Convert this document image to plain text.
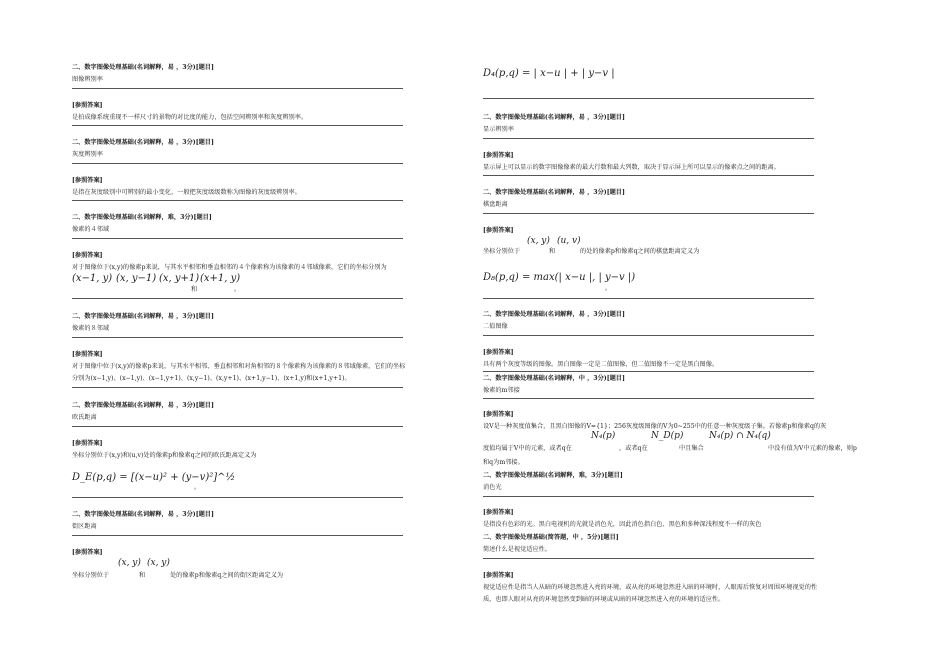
二、数字图像处理基础(名词解释，易 ，3分)[题目]
图像辨别率
[参照答案]
是拍成像系统重现不一样尺寸的景物的对比度的能力，包括空间辨别率和灰度辨别率。
二、数字图像处理基础(名词解释，易 ，3分)[题目]
灰度辨别率
[参照答案]
是指在灰度级别中可辨别的最小变化，一般把灰度级级数称为图像的灰度级辨别率。
二、数字图像处理基础(名词解释，难，3分)[题目]
像素的４邻域
[参照答案]
对于图像位于(x,y)的像素p来说，与其水平相邻和垂直相邻的４个像素称为该像素的４邻域像素，它们的坐标分别为
(x−1, y) (x, y−1) (x, y+1)
和
(x+1, y)
。
二、数字图像处理基础(名词解释，易 ，3分)[题目]
像素的８邻域
[参照答案]
对于图像中位于(x,y)的像素p来说，与其水平相邻、垂直相邻和对角相邻的８个像素称为该像素的８邻域像素，它们的坐标
分别为(x−1,y)、(x−1,y)、(x−1,y+1)、(x,y−1)、(x,y+1)、(x+1,y−1)、(x+1,y)和(x+1,y+1)。
二、数字图像处理基础(名词解释，易 ，3分)[题目]
欧氏距离
[参照答案]
坐标分别位于(x,y)和(u,v)处的像素p和像素q之间的欧氏距离定义为
D_E(p,q) = [(x−u)² + (y−v)²]^½
。
二、数字图像处理基础(名词解释，易 ，3分)[题目]
街区距离
[参照答案]
(x, y) (x, y)
坐标分别位于	和	处的像素p和像素q之间的街区距离定义为
D₄(p,q) = | x−u | + | y−v |
二、数字图像处理基础(名词解释，易 ，3分)[题目]
显示辨别率
[参照答案]
显示屏上可以显示的数字图像像素的最大行数和最大列数，取决于显示屏上所可以显示的像素点之间的距离。
二、数字图像处理基础(名词解释，易 ，3分)[题目]
棋盘距离
[参照答案]
(x, y) (u, v)
坐标分别位于	和	的处的像素p和像素q之间的棋盘距离定义为
D₈(p,q) = max(| x−u |, | y−v |)
。
二、数字图像处理基础(名词解释，易 ，3分)[题目]
二值图像
[参照答案]
具有两个灰度等级的图像。黑白图像一定是二值图像，但二值图像不一定是黑白图像。
二、数字图像处理基础(名词解释，中 ，3分)[题目]
像素的m邻接
[参照答案]
设V是一种灰度值集合，且黑白图像的V={1}；256灰度级图像的V为0~255中的任意一种灰度级子集。若像素p和像素q的灰
N₄(p)	N_D(p)	N₄(p) ∩ N₄(q)
度值均属于V中的元素，或者q在	，或者q在	中且集合	中没有值为V中元素的像素，则p
和q为m邻接。
二、数字图像处理基础(名词解释，难，3分)[题目]
消色光
[参照答案]
是指没有色彩的光。黑白电视机的光就是消色光，因此消色指白色、黑色和多种深浅程度不一样的灰色
二、数字图像处理基础(简答题，中 ，5分)[题目]
简述什么是视觉适应性。
[参照答案]
视觉适应性是指当人从暗的环境忽然进入亮的环境，或从亮的环境忽然进入暗的环境时，人眼需后恢复对周围环境视觉的性
质，也即人眼对从亮的环境忽然变到暗的环境或从暗的环境忽然进入亮的环境的适应性。
